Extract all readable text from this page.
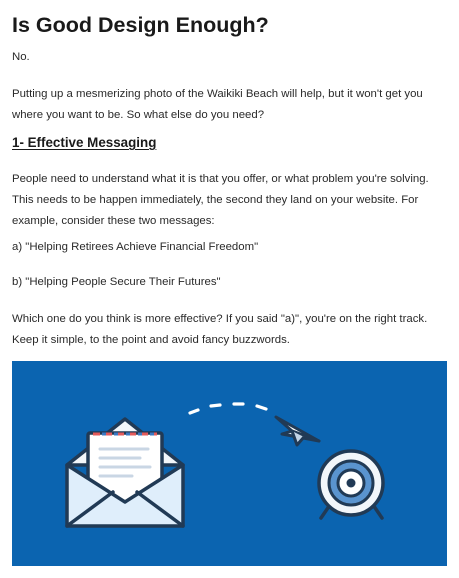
Is Good Design Enough?

No.

Putting up a mesmerizing photo of the Waikiki Beach will help, but it won't get you where you want to be. So what else do you need?

1- Effective Messaging

People need to understand what it is that you offer, or what problem you're solving. This needs to be happen immediately, the second they land on your website. For example, consider these two messages:

a) "Helping Retirees Achieve Financial Freedom"

b) "Helping People Secure Their Futures"

Which one do you think is more effective? If you said "a)", you're on the right track. Keep it simple, to the point and avoid fancy buzzwords.
